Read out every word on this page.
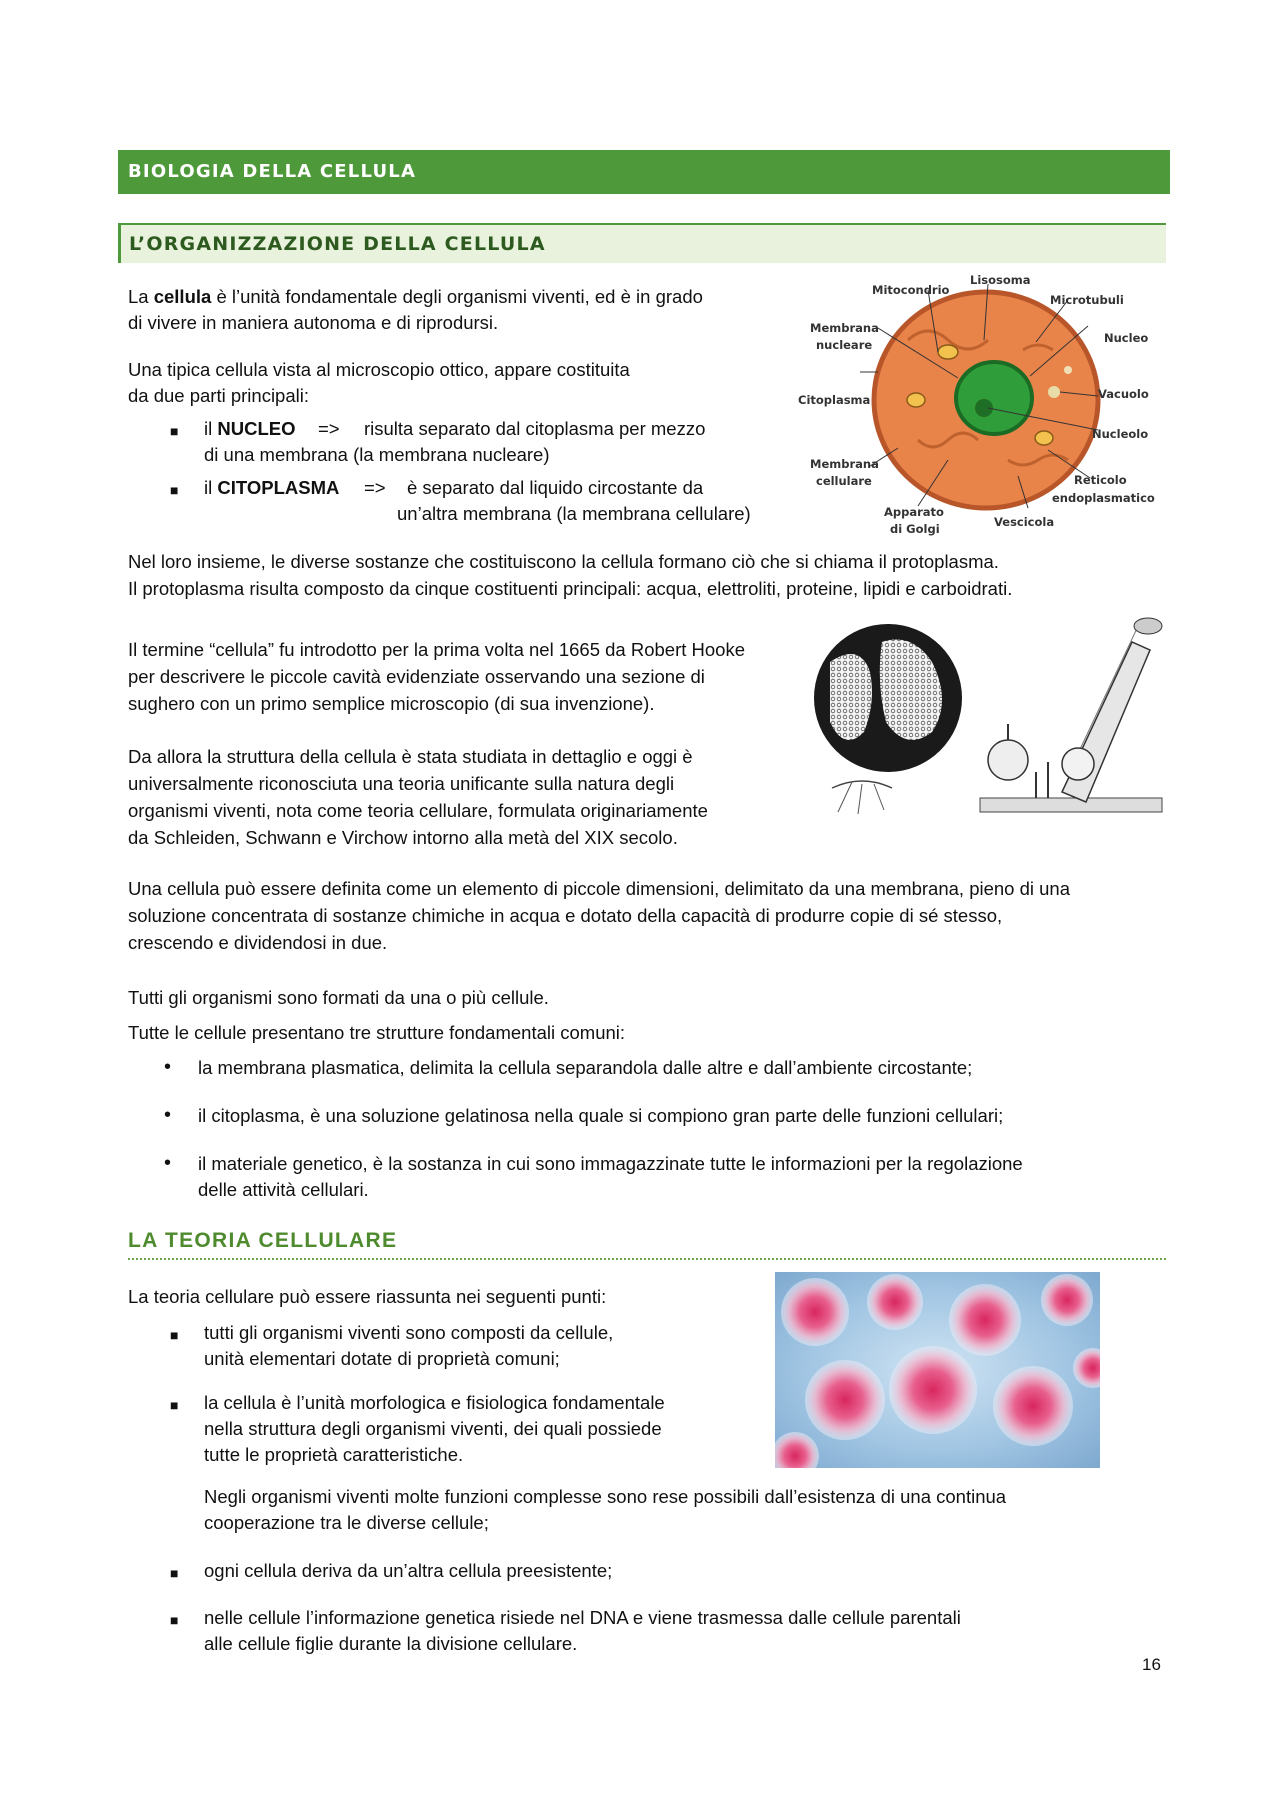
BIOLOGIA DELLA CELLULA
L’ORGANIZZAZIONE DELLA CELLULA
La cellula è l’unità fondamentale degli organismi viventi, ed è in grado
di vivere in maniera autonoma e di riprodursi.
Una tipica cellula vista al microscopio ottico, appare costituita
da due parti principali:
■ il NUCLEO => risulta separato dal citoplasma per mezzo
di una membrana (la membrana nucleare)
■ il CITOPLASMA => è separato dal liquido circostante da
un’altra membrana (la membrana cellulare)
Lisosoma
Mitocondrio
Microtubuli
Membrana
nucleare	Nucleo
Citoplasma	Vacuolo
Nucleolo
Membrana
cellulare	Reticolo
endoplasmatico
Apparato
di Golgi	Vescicola
Nel loro insieme, le diverse sostanze che costituiscono la cellula formano ciò che si chiama il protoplasma.
Il protoplasma risulta composto da cinque costituenti principali: acqua, elettroliti, proteine, lipidi e carboidrati.
Il termine “cellula” fu introdotto per la prima volta nel 1665 da Robert Hooke
per descrivere le piccole cavità evidenziate osservando una sezione di
sughero con un primo semplice microscopio (di sua invenzione).
Da allora la struttura della cellula è stata studiata in dettaglio e oggi è
universalmente riconosciuta una teoria unificante sulla natura degli
organismi viventi, nota come teoria cellulare, formulata originariamente
da Schleiden, Schwann e Virchow intorno alla metà del XIX secolo.
Una cellula può essere definita come un elemento di piccole dimensioni, delimitato da una membrana, pieno di una
soluzione concentrata di sostanze chimiche in acqua e dotato della capacità di produrre copie di sé stesso,
crescendo e dividendosi in due.
Tutti gli organismi sono formati da una o più cellule.
Tutte le cellule presentano tre strutture fondamentali comuni:
• la membrana plasmatica, delimita la cellula separandola dalle altre e dall’ambiente circostante;
• il citoplasma, è una soluzione gelatinosa nella quale si compiono gran parte delle funzioni cellulari;
• il materiale genetico, è la sostanza in cui sono immagazzinate tutte le informazioni per la regolazione
delle attività cellulari.
LA TEORIA CELLULARE
La teoria cellulare può essere riassunta nei seguenti punti:
■ tutti gli organismi viventi sono composti da cellule,
unità elementari dotate di proprietà comuni;
■ la cellula è l’unità morfologica e fisiologica fondamentale
nella struttura degli organismi viventi, dei quali possiede
tutte le proprietà caratteristiche.
Negli organismi viventi molte funzioni complesse sono rese possibili dall’esistenza di una continua
cooperazione tra le diverse cellule;
■ ogni cellula deriva da un’altra cellula preesistente;
■ nelle cellule l’informazione genetica risiede nel DNA e viene trasmessa dalle cellule parentali
alle cellule figlie durante la divisione cellulare.
16
